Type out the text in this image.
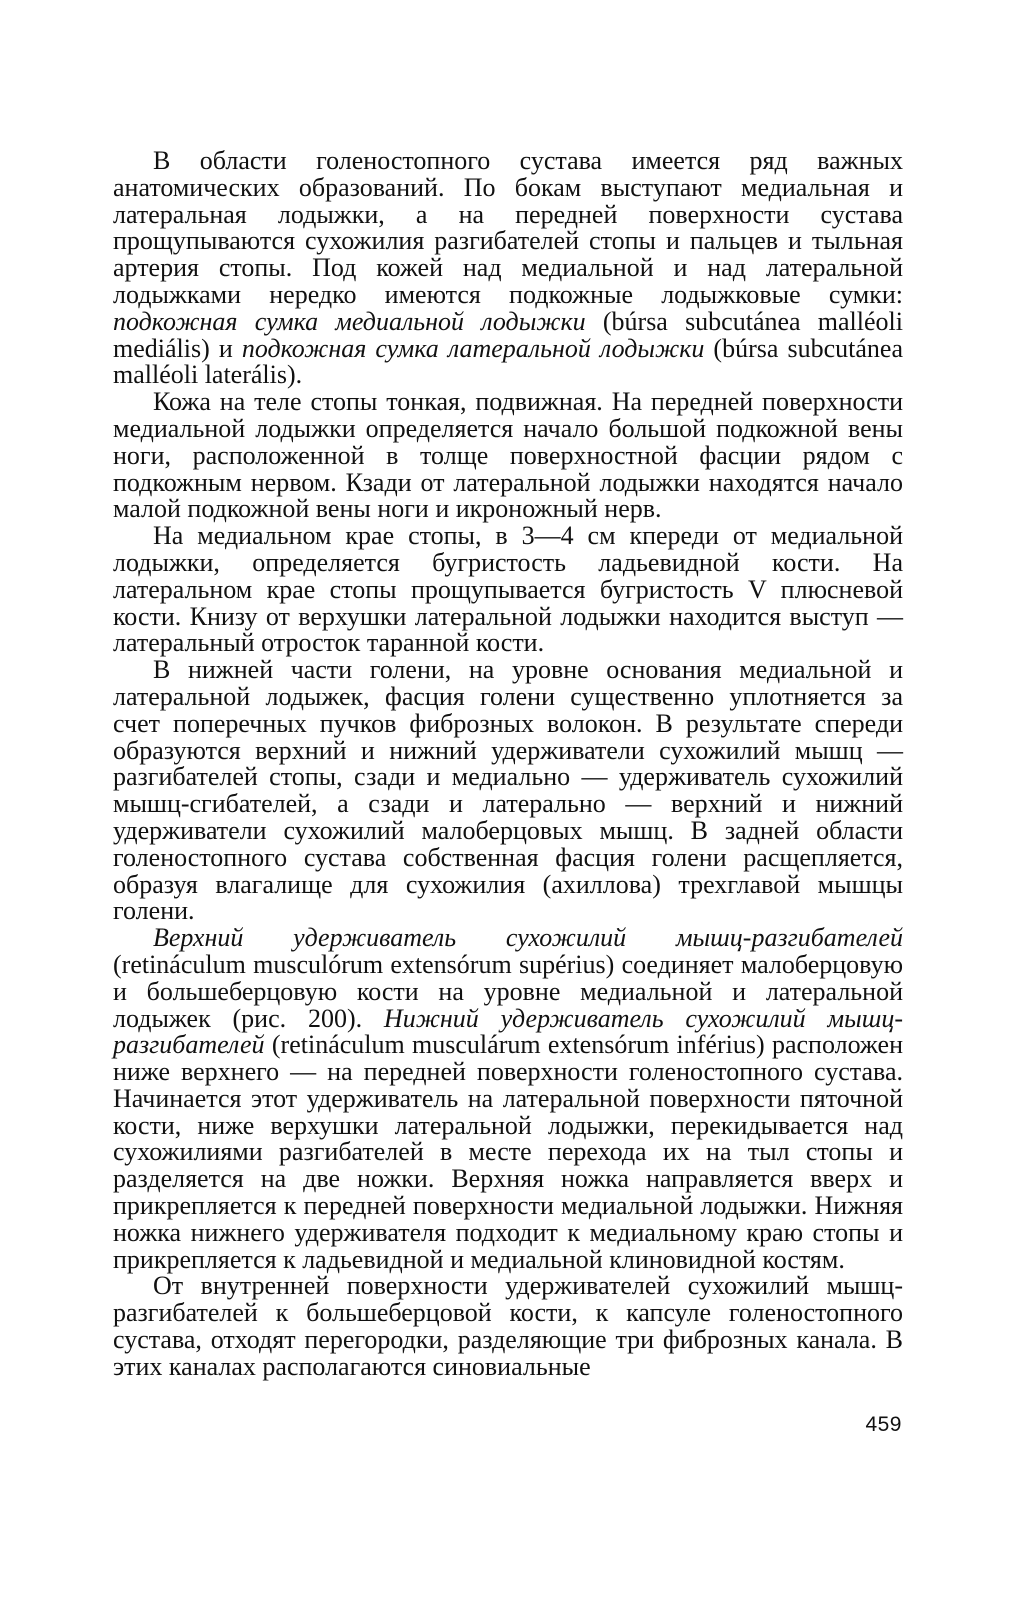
В области голеностопного сустава имеется ряд важных анатомических образований. По бокам выступают медиальная и латеральная лодыжки, а на передней поверхности сустава прощупываются сухожилия разгибателей стопы и пальцев и тыльная артерия стопы. Под кожей над медиальной и над латеральной лодыжками нередко имеются подкожные лодыжковые сумки: подкожная сумка медиальной лодыжки (búrsa subcutánea malléoli mediális) и подкожная сумка латеральной лодыжки (búrsa subcutánea malléoli laterális).

Кожа на теле стопы тонкая, подвижная. На передней поверхности медиальной лодыжки определяется начало большой подкожной вены ноги, расположенной в толще поверхностной фасции рядом с подкожным нервом. Кзади от латеральной лодыжки находятся начало малой подкожной вены ноги и икроножный нерв.

На медиальном крае стопы, в 3—4 см кпереди от медиальной лодыжки, определяется бугристость ладьевидной кости. На латеральном крае стопы прощупывается бугристость V плюсневой кости. Книзу от верхушки латеральной лодыжки находится выступ — латеральный отросток таранной кости.

В нижней части голени, на уровне основания медиальной и латеральной лодыжек, фасция голени существенно уплотняется за счет поперечных пучков фиброзных волокон. В результате спереди образуются верхний и нижний удерживатели сухожилий мышц — разгибателей стопы, сзади и медиально — удерживатель сухожилий мышц-сгибателей, а сзади и латерально — верхний и нижний удерживатели сухожилий малоберцовых мышц. В задней области голеностопного сустава собственная фасция голени расщепляется, образуя влагалище для сухожилия (ахиллова) трехглавой мышцы голени.

Верхний удерживатель сухожилий мышц-разгибателей (retináculum musculórum extensórum supérius) соединяет малоберцовую и большеберцовую кости на уровне медиальной и латеральной лодыжек (рис. 200). Нижний удерживатель сухожилий мышц-разгибателей (retináculum musculárum extensórum inférius) расположен ниже верхнего — на передней поверхности голеностопного сустава. Начинается этот удерживатель на латеральной поверхности пяточной кости, ниже верхушки латеральной лодыжки, перекидывается над сухожилиями разгибателей в месте перехода их на тыл стопы и разделяется на две ножки. Верхняя ножка направляется вверх и прикрепляется к передней поверхности медиальной лодыжки. Нижняя ножка нижнего удерживателя подходит к медиальному краю стопы и прикрепляется к ладьевидной и медиальной клиновидной костям.

От внутренней поверхности удерживателей сухожилий мышц-разгибателей к большеберцовой кости, к капсуле голеностопного сустава, отходят перегородки, разделяющие три фиброзных канала. В этих каналах располагаются синовиальные

459
